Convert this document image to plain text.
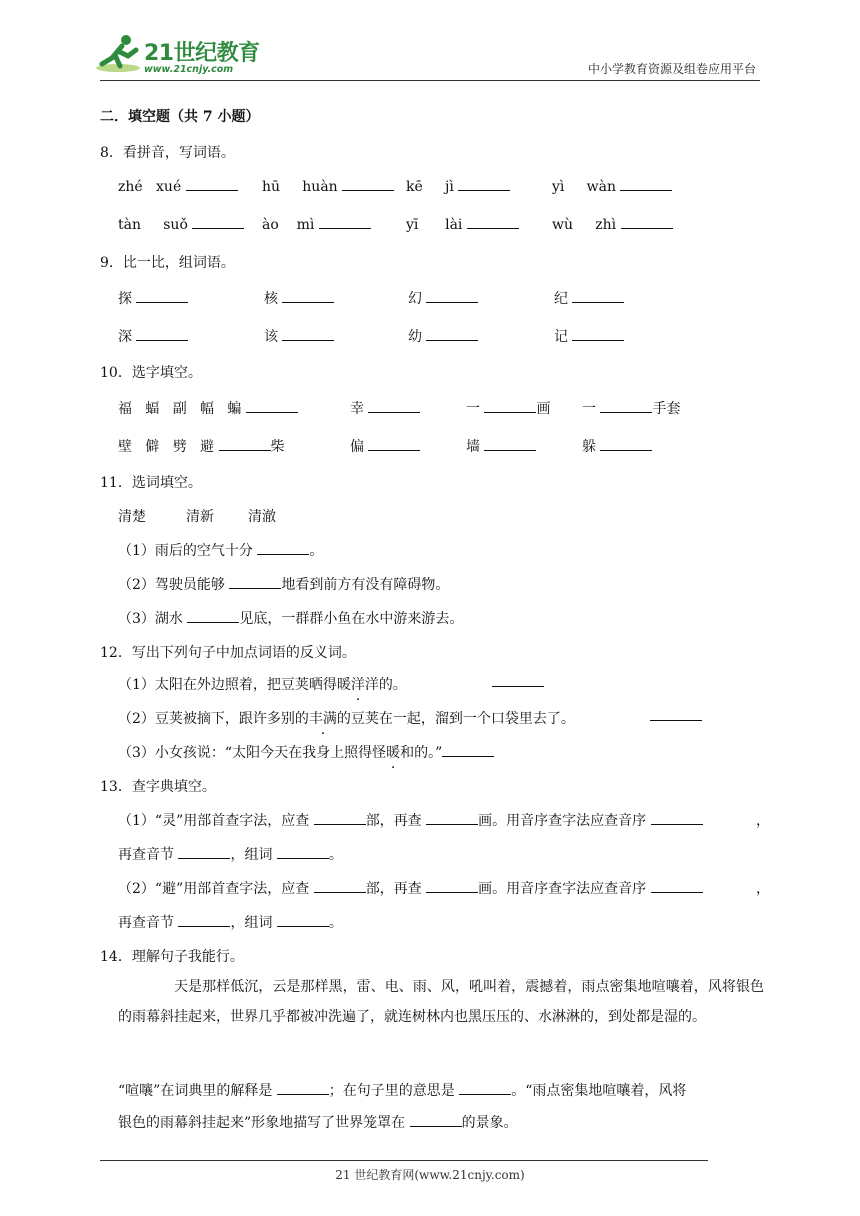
21世纪教育
www.21cnjy.com	中小学教育资源及组卷应用平台
二．填空题（共 7 小题）
8．看拼音，写词语。
zhé   xué	hū     huàn	kē     jì	yì     wàn
tàn     suǒ	ào    mì	yī      lài	wù     zhì
9．比一比，组词语。
探	核	幻	纪
深	该	幼	记
10．选字填空。
福   蝠   副   幅   蝙	幸	一	画 一	手套
壁   僻   劈   避	柴	偏	墙	躲
11．选词填空。
清楚	清新 清澈
（1）雨后的空气十分	。
（2）驾驶员能够	地看到前方有没有障碍物。
（3）湖水	见底，一群群小鱼在水中游来游去。
12．写出下列句子中加点词语的反义词。
（1）太阳在外边照着，把豆荚晒得暖洋洋的。
（2）豆荚被摘下，跟许多别的丰满的豆荚在一起，溜到一个口袋里去了。
（3）小女孩说：“太阳今天在我身上照得怪暖和的。”
13．查字典填空。
（1）“灵”用部首查字法，应查	部，再查	画。用音序查字法应查音序	，
再查音节	，组词	。
（2）“避”用部首查字法，应查	部，再查	画。用音序查字法应查音序	，
再查音节	，组词	。
14．理解句子我能行。
天是那样低沉，云是那样黑，雷、电、雨、风，吼叫着，震撼着，雨点密集地喧嚷着，风将银色的雨幕斜挂起来，世界几乎都被冲洗遍了，就连树林内也黑压压的、水淋淋的，到处都是湿的。
“喧嚷”在词典里的解释是	；在句子里的意思是	。“雨点密集地喧嚷着，风将
银色的雨幕斜挂起来”形象地描写了世界笼罩在	的景象。
21 世纪教育网(www.21cnjy.com)
